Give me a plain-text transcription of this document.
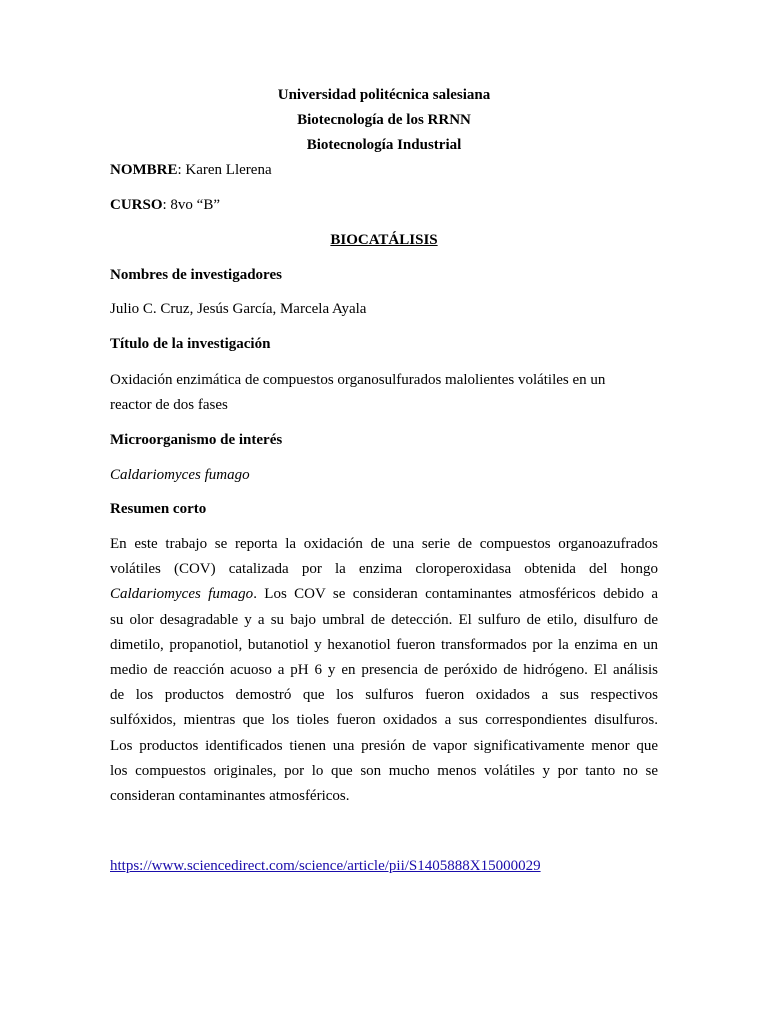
Universidad politécnica salesiana
Biotecnología de los RRNN
Biotecnología Industrial
NOMBRE: Karen Llerena
CURSO: 8vo “B”
BIOCATÁLISIS
Nombres de investigadores
Julio C. Cruz, Jesús García, Marcela Ayala
Título de la investigación
Oxidación enzimática de compuestos organosulfurados malolientes volátiles en un
reactor de dos fases
Microorganismo de interés
Caldariomyces fumago
Resumen corto
En este trabajo se reporta la oxidación de una serie de compuestos organoazufrados
volátiles (COV) catalizada por la enzima cloroperoxidasa obtenida del hongo
Caldariomyces fumago. Los COV se consideran contaminantes atmosféricos debido a
su olor desagradable y a su bajo umbral de detección. El sulfuro de etilo, disulfuro de
dimetilo, propanotiol, butanotiol y hexanotiol fueron transformados por la enzima en un
medio de reacción acuoso a pH 6 y en presencia de peróxido de hidrógeno. El análisis
de los productos demostró que los sulfuros fueron oxidados a sus respectivos
sulfóxidos, mientras que los tioles fueron oxidados a sus correspondientes disulfuros.
Los productos identificados tienen una presión de vapor significativamente menor que
los compuestos originales, por lo que son mucho menos volátiles y por tanto no se
consideran contaminantes atmosféricos.
https://www.sciencedirect.com/science/article/pii/S1405888X15000029
